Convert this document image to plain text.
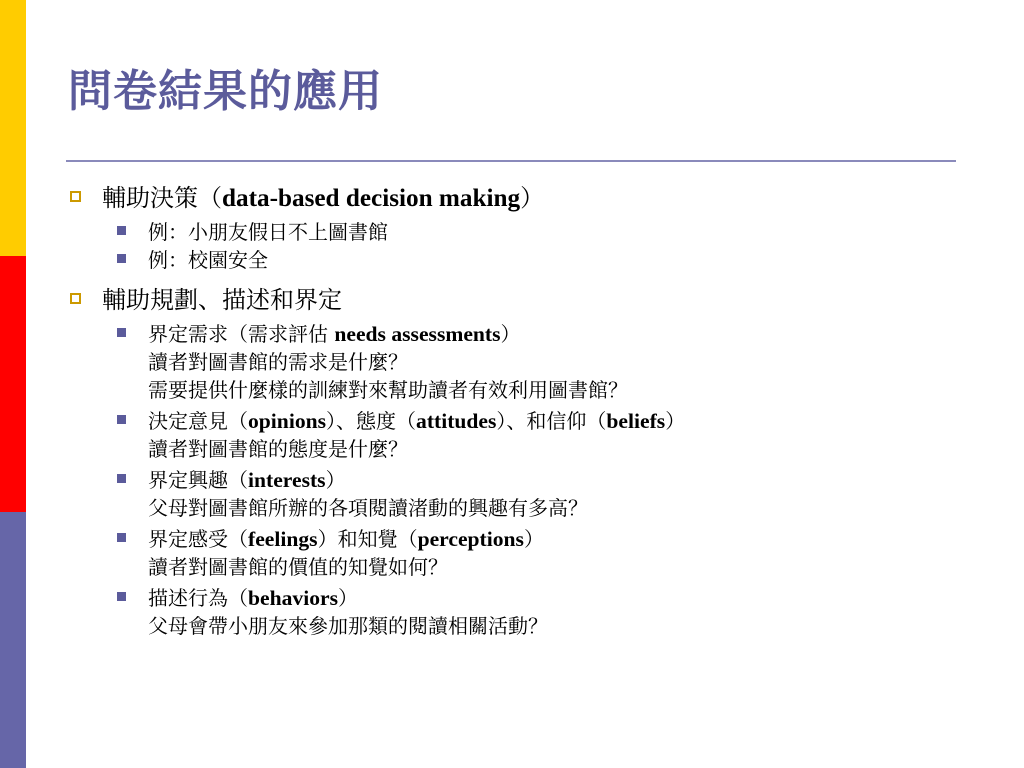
問卷結果的應用
輔助決策（data-based decision making）
例：小朋友假日不上圖書館
例：校園安全
輔助規劃、描述和界定
界定需求（需求評估 needs assessments）
讀者對圖書館的需求是什麼？
需要提供什麼樣的訓練對來幫助讀者有效利用圖書館？
決定意見（opinions）、態度（attitudes）、和信仰（beliefs）
讀者對圖書館的態度是什麼？
界定興趣（interests）
父母對圖書館所辦的各項閱讀渚動的興趣有多高？
界定感受（feelings）和知覺（perceptions）
讀者對圖書館的價值的知覺如何？
描述行為（behaviors）
父母會帶小朋友來參加那類的閱讀相關活動？
